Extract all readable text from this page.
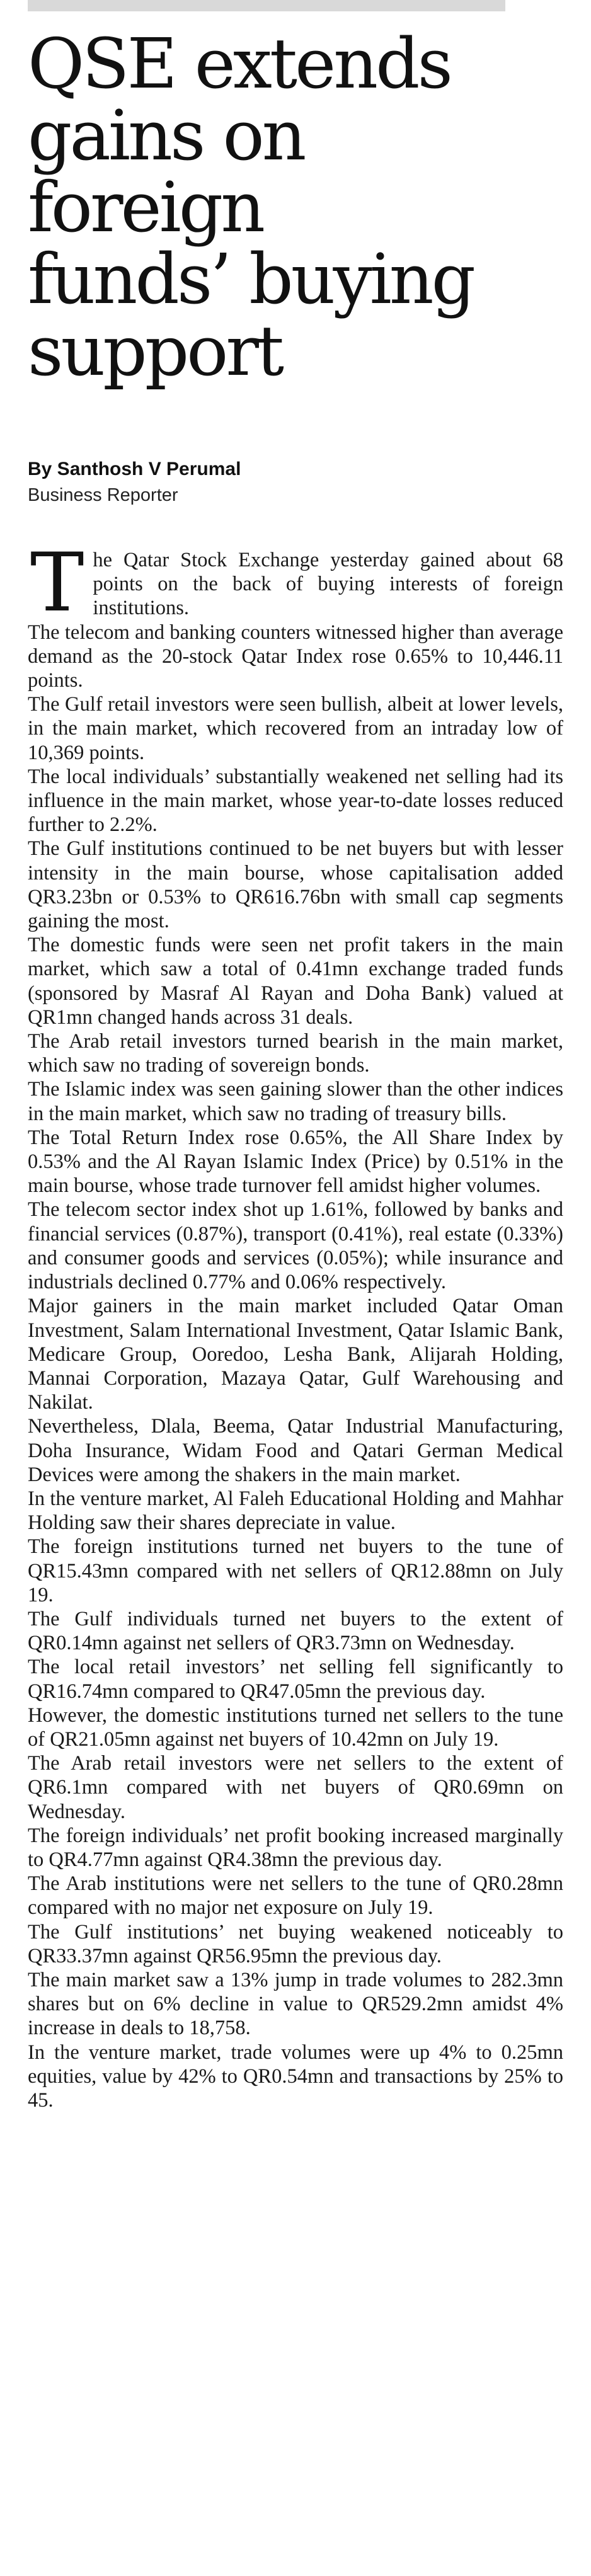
QSE extends
gains on
foreign
funds’ buying
support
By Santhosh V Perumal
Business Reporter

The Qatar Stock Exchange yesterday gained about 68 points on the back of buying interests of foreign institutions.

The telecom and banking counters witnessed higher than average demand as the 20-stock Qatar Index rose 0.65% to 10,446.11 points.

The Gulf retail investors were seen bullish, albeit at lower levels, in the main market, which recovered from an intraday low of 10,369 points.

The local individuals’ substantially weakened net selling had its influence in the main market, whose year-to-date losses reduced further to 2.2%.

The Gulf institutions continued to be net buyers but with lesser intensity in the main bourse, whose capitalisation added QR3.23bn or 0.53% to QR616.76bn with small cap segments gaining the most.

The domestic funds were seen net profit takers in the main market, which saw a total of 0.41mn exchange traded funds (sponsored by Masraf Al Rayan and Doha Bank) valued at QR1mn changed hands across 31 deals.

The Arab retail investors turned bearish in the main market, which saw no trading of sovereign bonds.

The Islamic index was seen gaining slower than the other indices in the main market, which saw no trading of treasury bills.

The Total Return Index rose 0.65%, the All Share Index by 0.53% and the Al Rayan Islamic Index (Price) by 0.51% in the main bourse, whose trade turnover fell amidst higher volumes.

The telecom sector index shot up 1.61%, followed by banks and financial services (0.87%), transport (0.41%), real estate (0.33%) and consumer goods and services (0.05%); while insurance and industrials declined 0.77% and 0.06% respectively.

Major gainers in the main market included Qatar Oman Investment, Salam International Investment, Qatar Islamic Bank, Medicare Group, Ooredoo, Lesha Bank, Alijarah Holding, Mannai Corporation, Mazaya Qatar, Gulf Warehousing and Nakilat.

Nevertheless, Dlala, Beema, Qatar Industrial Manufacturing, Doha Insurance, Widam Food and Qatari German Medical Devices were among the shakers in the main market.

In the venture market, Al Faleh Educational Holding and Mahhar Holding saw their shares depreciate in value.

The foreign institutions turned net buyers to the tune of QR15.43mn compared with net sellers of QR12.88mn on July 19.

The Gulf individuals turned net buyers to the extent of QR0.14mn against net sellers of QR3.73mn on Wednesday.

The local retail investors’ net selling fell significantly to QR16.74mn compared to QR47.05mn the previous day.

However, the domestic institutions turned net sellers to the tune of QR21.05mn against net buyers of 10.42mn on July 19.

The Arab retail investors were net sellers to the extent of QR6.1mn compared with net buyers of QR0.69mn on Wednesday.

The foreign individuals’ net profit booking increased marginally to QR4.77mn against QR4.38mn the previous day.

The Arab institutions were net sellers to the tune of QR0.28mn compared with no major net exposure on July 19.

The Gulf institutions’ net buying weakened noticeably to QR33.37mn against QR56.95mn the previous day.

The main market saw a 13% jump in trade volumes to 282.3mn shares but on 6% decline in value to QR529.2mn amidst 4% increase in deals to 18,758.

In the venture market, trade volumes were up 4% to 0.25mn equities, value by 42% to QR0.54mn and transactions by 25% to 45.
